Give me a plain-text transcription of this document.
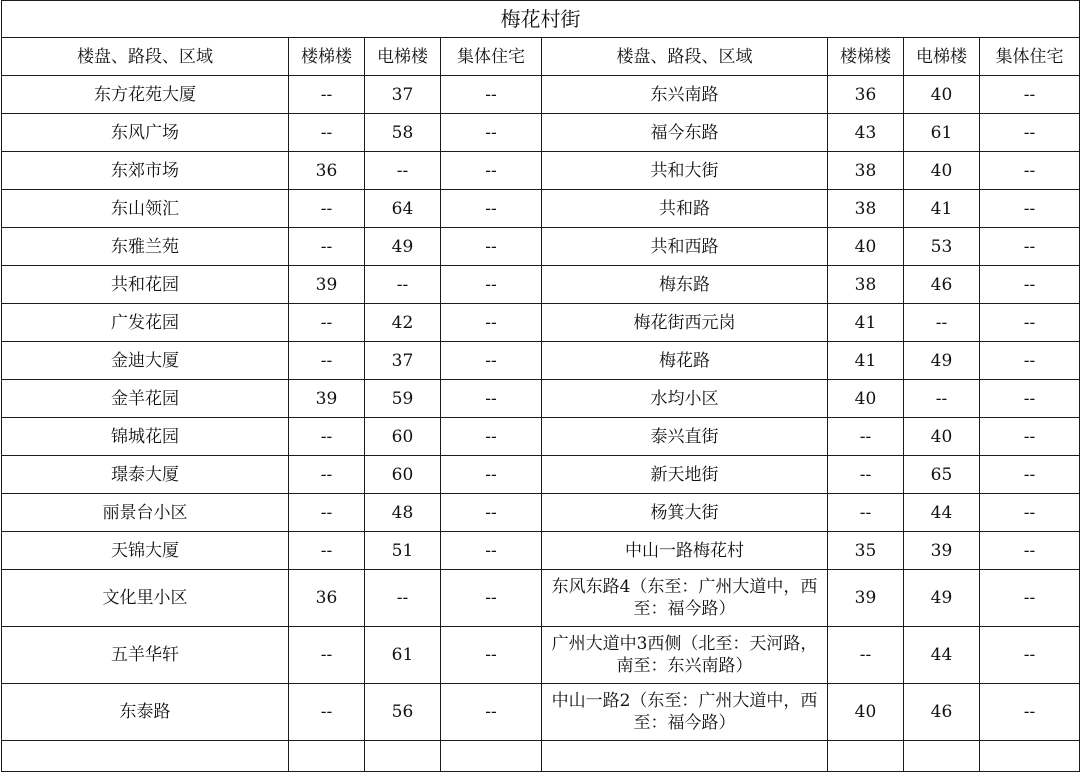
梅花村街							
楼盘、路段、区域	楼梯楼	电梯楼	集体住宅	楼盘、路段、区域	楼梯楼	电梯楼	集体住宅
东方花苑大厦	--	37	--	东兴南路	36	40	--
东风广场	--	58	--	福今东路	43	61	--
东郊市场	36	--	--	共和大街	38	40	--
东山领汇	--	64	--	共和路	38	41	--
东雅兰苑	--	49	--	共和西路	40	53	--
共和花园	39	--	--	梅东路	38	46	--
广发花园	--	42	--	梅花街西元岗	41	--	--
金迪大厦	--	37	--	梅花路	41	49	--
金羊花园	39	59	--	水均小区	40	--	--
锦城花园	--	60	--	泰兴直街	--	40	--
璟泰大厦	--	60	--	新天地街	--	65	--
丽景台小区	--	48	--	杨箕大街	--	44	--
天锦大厦	--	51	--	中山一路梅花村	35	39	--
文化里小区	36	--	--	东风东路4（东至：广州大道中，西至：福今路）	39	49	--
五羊华轩	--	61	--	广州大道中3西侧（北至：天河路，南至：东兴南路）	--	44	--
东泰路	--	56	--	中山一路2（东至：广州大道中，西至：福今路）	40	46	--
